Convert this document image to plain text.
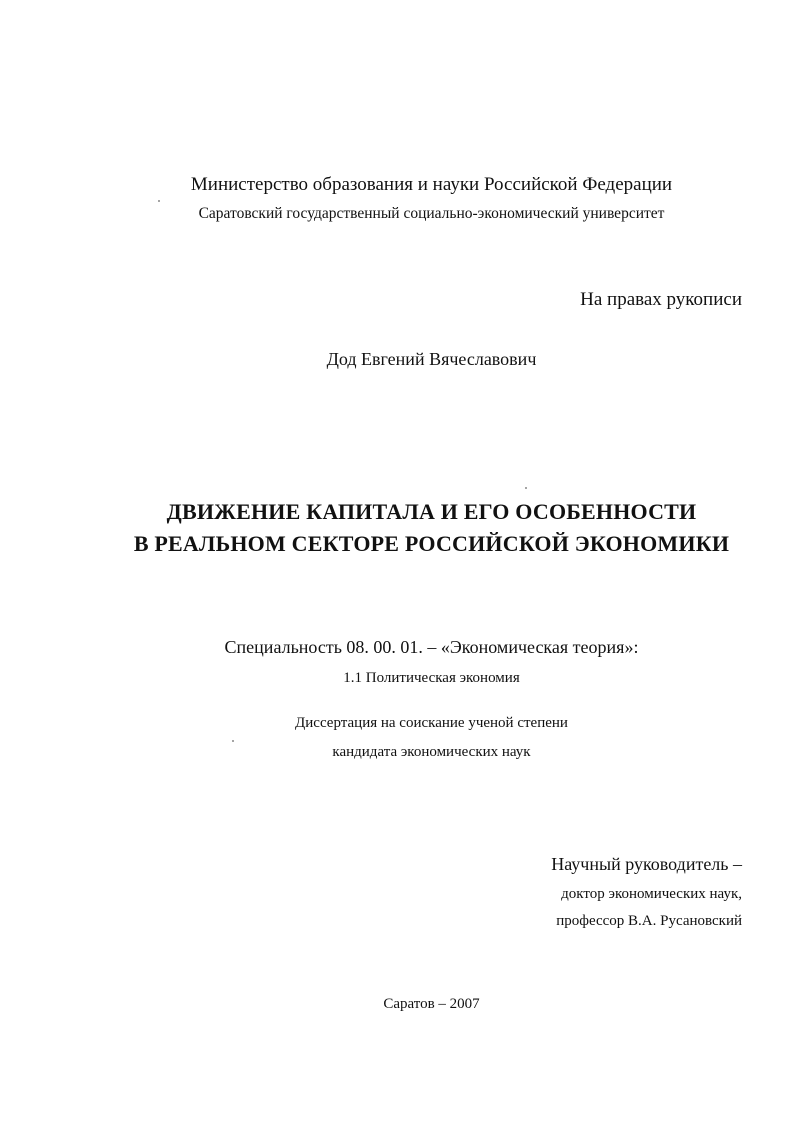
Министерство образования и науки Российской Федерации
Саратовский государственный социально-экономический университет
На правах рукописи
Дод Евгений Вячеславович
ДВИЖЕНИЕ КАПИТАЛА И ЕГО ОСОБЕННОСТИ
В РЕАЛЬНОМ СЕКТОРЕ РОССИЙСКОЙ ЭКОНОМИКИ
Специальность 08. 00. 01. – «Экономическая теория»:
1.1 Политическая экономия
Диссертация на соискание ученой степени
кандидата экономических наук
Научный руководитель –
доктор экономических наук,
профессор В.А. Русановский
Саратов – 2007
